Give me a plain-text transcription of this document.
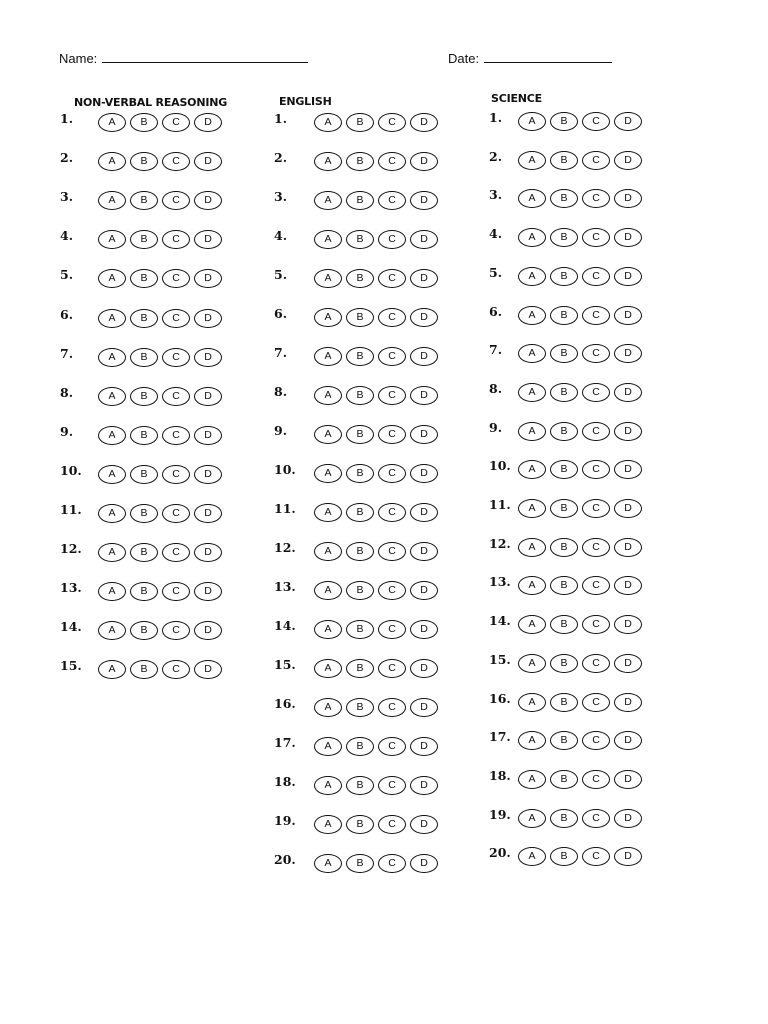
Name:	Date:
NON-VERBAL REASONING	ENGLISH	SCIENCE
1.	A	B	C	D
2.	A	B	C	D
3.	A	B	C	D
4.	A	B	C	D
5.	A	B	C	D
6.	A	B	C	D
7.	A	B	C	D
8.	A	B	C	D
9.	A	B	C	D
10.	A	B	C	D
11.	A	B	C	D
12.	A	B	C	D
13.	A	B	C	D
14.	A	B	C	D
15.	A	B	C	D
1.	A	B	C	D
2.	A	B	C	D
3.	A	B	C	D
4.	A	B	C	D
5.	A	B	C	D
6.	A	B	C	D
7.	A	B	C	D
8.	A	B	C	D
9.	A	B	C	D
10.	A	B	C	D
11.	A	B	C	D
12.	A	B	C	D
13.	A	B	C	D
14.	A	B	C	D
15.	A	B	C	D
16.	A	B	C	D
17.	A	B	C	D
18.	A	B	C	D
19.	A	B	C	D
20.	A	B	C	D
1.	A	B	C	D
2.	A	B	C	D
3.	A	B	C	D
4.	A	B	C	D
5.	A	B	C	D
6.	A	B	C	D
7.	A	B	C	D
8.	A	B	C	D
9.	A	B	C	D
10.	A	B	C	D
11.	A	B	C	D
12.	A	B	C	D
13.	A	B	C	D
14.	A	B	C	D
15.	A	B	C	D
16.	A	B	C	D
17.	A	B	C	D
18.	A	B	C	D
19.	A	B	C	D
20.	A	B	C	D
